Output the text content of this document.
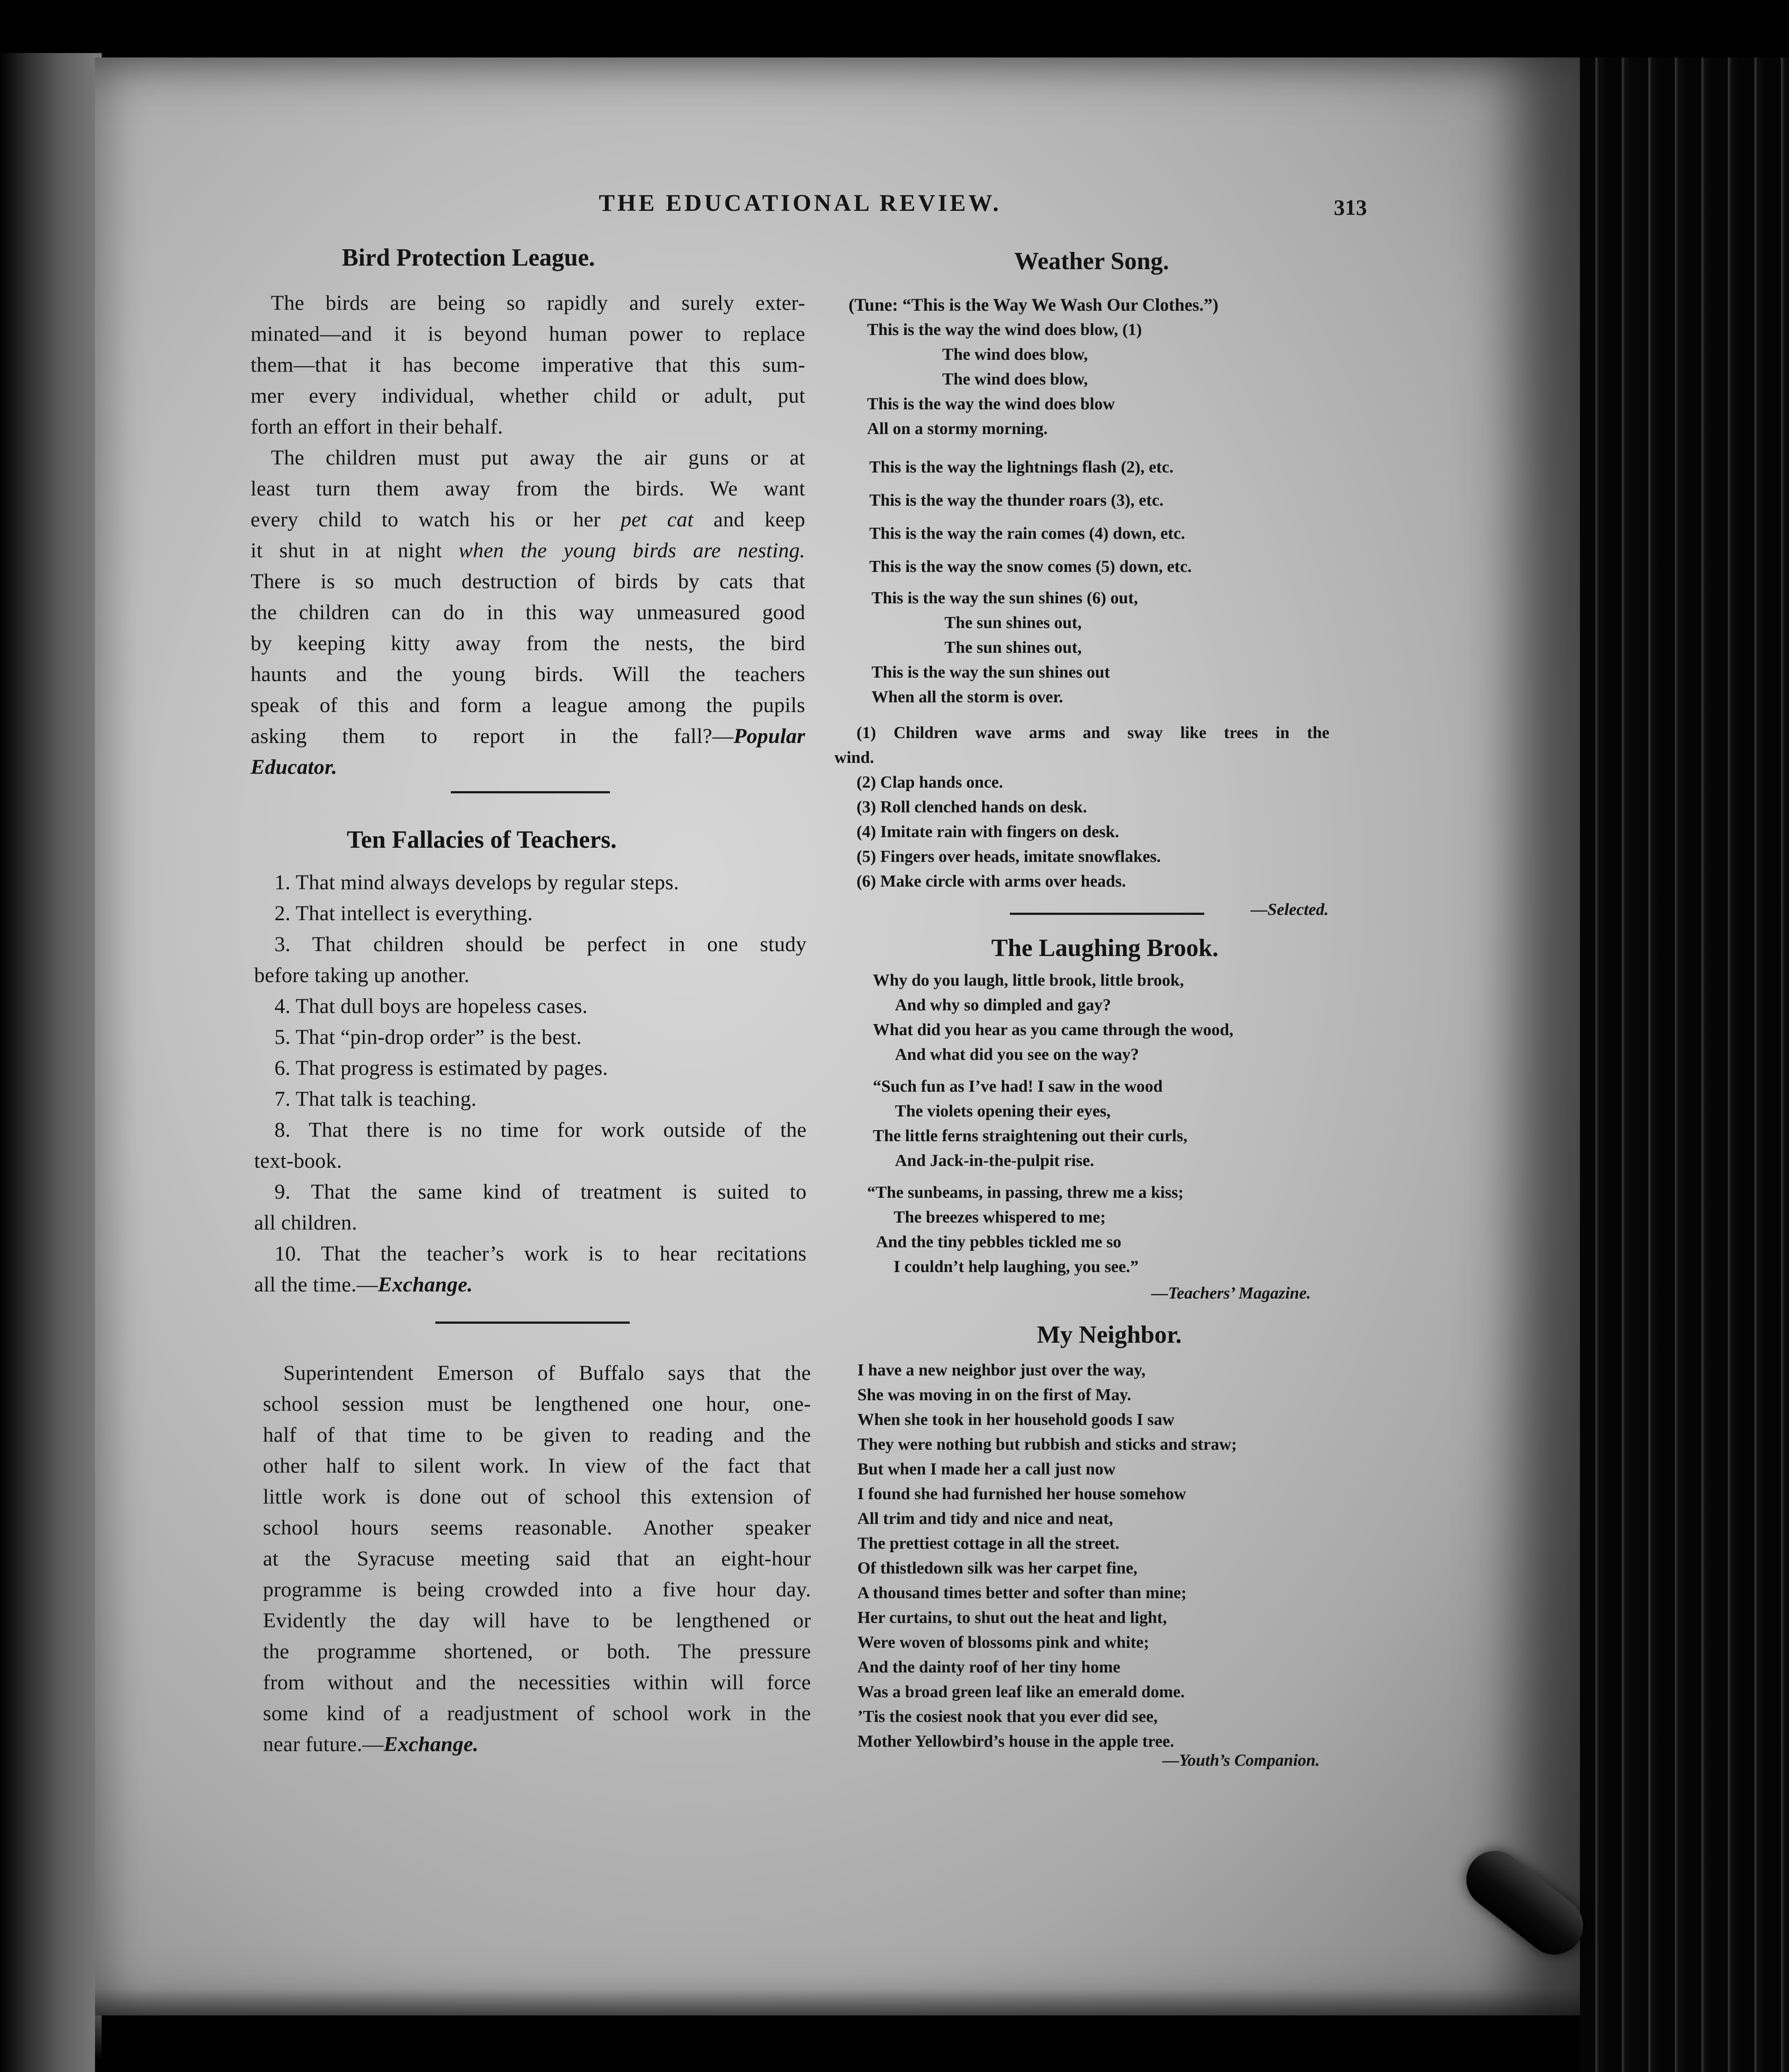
THE EDUCATIONAL REVIEW.	313
Bird Protection League.
The birds are being so rapidly and surely exter-
minated—and it is beyond human power to replace
them—that it has become imperative that this sum-
mer every individual, whether child or adult, put
forth an effort in their behalf.
The children must put away the air guns or at
least turn them away from the birds. We want
every child to watch his or her pet cat and keep
it shut in at night when the young birds are nesting.
There is so much destruction of birds by cats that
the children can do in this way unmeasured good
by keeping kitty away from the nests, the bird
haunts and the young birds. Will the teachers
speak of this and form a league among the pupils
asking them to report in the fall?—Popular
Educator.
Ten Fallacies of Teachers.
1. That mind always develops by regular steps.
2. That intellect is everything.
3. That children should be perfect in one study
before taking up another.
4. That dull boys are hopeless cases.
5. That “pin-drop order” is the best.
6. That progress is estimated by pages.
7. That talk is teaching.
8. That there is no time for work outside of the
text-book.
9. That the same kind of treatment is suited to
all children.
10. That the teacher’s work is to hear recitations
all the time.—Exchange.
Superintendent Emerson of Buffalo says that the
school session must be lengthened one hour, one-
half of that time to be given to reading and the
other half to silent work. In view of the fact that
little work is done out of school this extension of
school hours seems reasonable. Another speaker
at the Syracuse meeting said that an eight-hour
programme is being crowded into a five hour day.
Evidently the day will have to be lengthened or
the programme shortened, or both. The pressure
from without and the necessities within will force
some kind of a readjustment of school work in the
near future.—Exchange.
Weather Song.
(Tune: “This is the Way We Wash Our Clothes.”)
This is the way the wind does blow, (1)
The wind does blow,
The wind does blow,
This is the way the wind does blow
All on a stormy morning.
This is the way the lightnings flash (2), etc.
This is the way the thunder roars (3), etc.
This is the way the rain comes (4) down, etc.
This is the way the snow comes (5) down, etc.
This is the way the sun shines (6) out,
The sun shines out,
The sun shines out,
This is the way the sun shines out
When all the storm is over.
(1) Children wave arms and sway like trees in the
wind.
(2) Clap hands once.
(3) Roll clenched hands on desk.
(4) Imitate rain with fingers on desk.
(5) Fingers over heads, imitate snowflakes.
(6) Make circle with arms over heads.
—Selected.
The Laughing Brook.
Why do you laugh, little brook, little brook,
And why so dimpled and gay?
What did you hear as you came through the wood,
And what did you see on the way?
“Such fun as I’ve had! I saw in the wood
The violets opening their eyes,
The little ferns straightening out their curls,
And Jack-in-the-pulpit rise.
“The sunbeams, in passing, threw me a kiss;
The breezes whispered to me;
And the tiny pebbles tickled me so
I couldn’t help laughing, you see.”
—Teachers’ Magazine.
My Neighbor.
I have a new neighbor just over the way,
She was moving in on the first of May.
When she took in her household goods I saw
They were nothing but rubbish and sticks and straw;
But when I made her a call just now
I found she had furnished her house somehow
All trim and tidy and nice and neat,
The prettiest cottage in all the street.
Of thistledown silk was her carpet fine,
A thousand times better and softer than mine;
Her curtains, to shut out the heat and light,
Were woven of blossoms pink and white;
And the dainty roof of her tiny home
Was a broad green leaf like an emerald dome.
’Tis the cosiest nook that you ever did see,
Mother Yellowbird’s house in the apple tree.
—Youth’s Companion.
